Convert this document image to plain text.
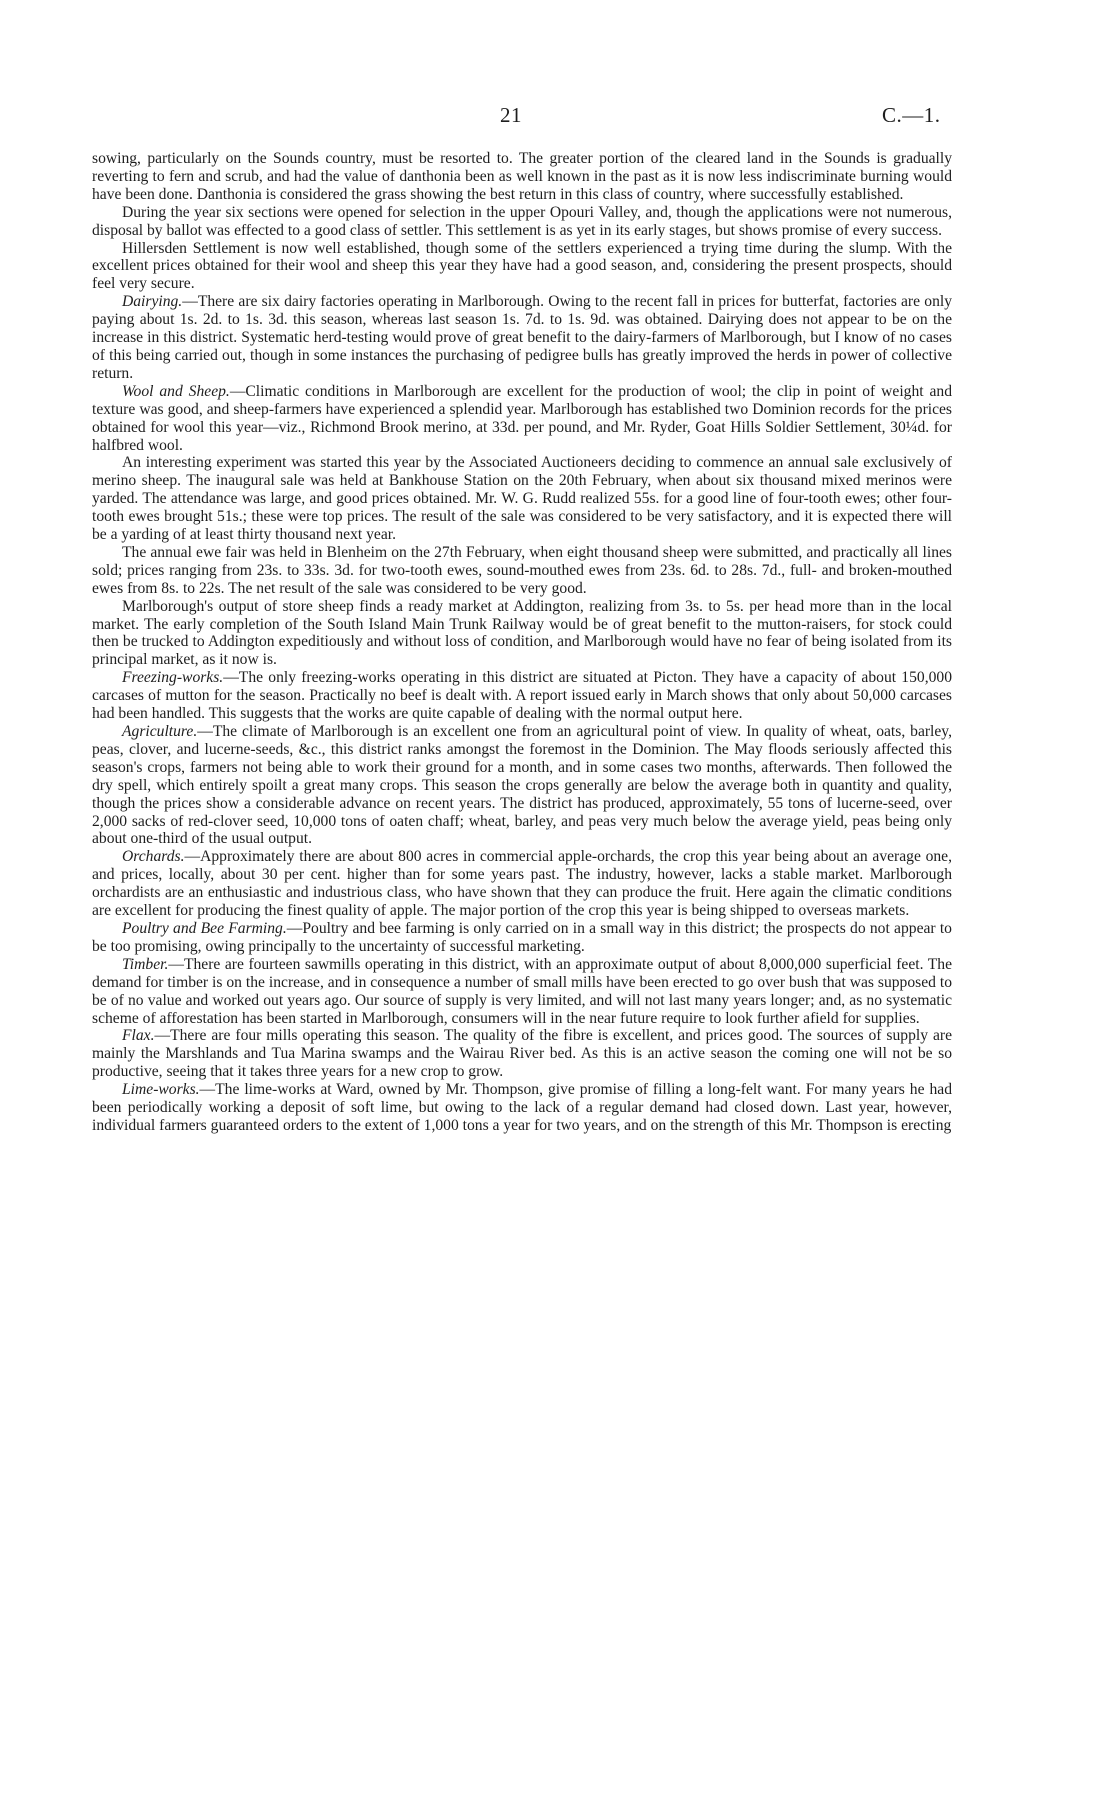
21	C.—1.

sowing, particularly on the Sounds country, must be resorted to. The greater portion of the cleared land in the Sounds is gradually reverting to fern and scrub, and had the value of danthonia been as well known in the past as it is now less indiscriminate burning would have been done. Danthonia is considered the grass showing the best return in this class of country, where successfully established.

During the year six sections were opened for selection in the upper Opouri Valley, and, though the applications were not numerous, disposal by ballot was effected to a good class of settler. This settlement is as yet in its early stages, but shows promise of every success.

Hillersden Settlement is now well established, though some of the settlers experienced a trying time during the slump. With the excellent prices obtained for their wool and sheep this year they have had a good season, and, considering the present prospects, should feel very secure.

Dairying.—There are six dairy factories operating in Marlborough. Owing to the recent fall in prices for butterfat, factories are only paying about 1s. 2d. to 1s. 3d. this season, whereas last season 1s. 7d. to 1s. 9d. was obtained. Dairying does not appear to be on the increase in this district. Systematic herd-testing would prove of great benefit to the dairy-farmers of Marlborough, but I know of no cases of this being carried out, though in some instances the purchasing of pedigree bulls has greatly improved the herds in power of collective return.

Wool and Sheep.—Climatic conditions in Marlborough are excellent for the production of wool; the clip in point of weight and texture was good, and sheep-farmers have experienced a splendid year. Marlborough has established two Dominion records for the prices obtained for wool this year—viz., Richmond Brook merino, at 33d. per pound, and Mr. Ryder, Goat Hills Soldier Settlement, 30¼d. for halfbred wool.

An interesting experiment was started this year by the Associated Auctioneers deciding to commence an annual sale exclusively of merino sheep. The inaugural sale was held at Bankhouse Station on the 20th February, when about six thousand mixed merinos were yarded. The attendance was large, and good prices obtained. Mr. W. G. Rudd realized 55s. for a good line of four-tooth ewes; other four-tooth ewes brought 51s.; these were top prices. The result of the sale was considered to be very satisfactory, and it is expected there will be a yarding of at least thirty thousand next year.

The annual ewe fair was held in Blenheim on the 27th February, when eight thousand sheep were submitted, and practically all lines sold; prices ranging from 23s. to 33s. 3d. for two-tooth ewes, sound-mouthed ewes from 23s. 6d. to 28s. 7d., full- and broken-mouthed ewes from 8s. to 22s. The net result of the sale was considered to be very good.

Marlborough's output of store sheep finds a ready market at Addington, realizing from 3s. to 5s. per head more than in the local market. The early completion of the South Island Main Trunk Railway would be of great benefit to the mutton-raisers, for stock could then be trucked to Addington expeditiously and without loss of condition, and Marlborough would have no fear of being isolated from its principal market, as it now is.

Freezing-works.—The only freezing-works operating in this district are situated at Picton. They have a capacity of about 150,000 carcases of mutton for the season. Practically no beef is dealt with. A report issued early in March shows that only about 50,000 carcases had been handled. This suggests that the works are quite capable of dealing with the normal output here.

Agriculture.—The climate of Marlborough is an excellent one from an agricultural point of view. In quality of wheat, oats, barley, peas, clover, and lucerne-seeds, &c., this district ranks amongst the foremost in the Dominion. The May floods seriously affected this season's crops, farmers not being able to work their ground for a month, and in some cases two months, afterwards. Then followed the dry spell, which entirely spoilt a great many crops. This season the crops generally are below the average both in quantity and quality, though the prices show a considerable advance on recent years. The district has produced, approximately, 55 tons of lucerne-seed, over 2,000 sacks of red-clover seed, 10,000 tons of oaten chaff; wheat, barley, and peas very much below the average yield, peas being only about one-third of the usual output.

Orchards.—Approximately there are about 800 acres in commercial apple-orchards, the crop this year being about an average one, and prices, locally, about 30 per cent. higher than for some years past. The industry, however, lacks a stable market. Marlborough orchardists are an enthusiastic and industrious class, who have shown that they can produce the fruit. Here again the climatic conditions are excellent for producing the finest quality of apple. The major portion of the crop this year is being shipped to overseas markets.

Poultry and Bee Farming.—Poultry and bee farming is only carried on in a small way in this district; the prospects do not appear to be too promising, owing principally to the uncertainty of successful marketing.

Timber.—There are fourteen sawmills operating in this district, with an approximate output of about 8,000,000 superficial feet. The demand for timber is on the increase, and in consequence a number of small mills have been erected to go over bush that was supposed to be of no value and worked out years ago. Our source of supply is very limited, and will not last many years longer; and, as no systematic scheme of afforestation has been started in Marlborough, consumers will in the near future require to look further afield for supplies.

Flax.—There are four mills operating this season. The quality of the fibre is excellent, and prices good. The sources of supply are mainly the Marshlands and Tua Marina swamps and the Wairau River bed. As this is an active season the coming one will not be so productive, seeing that it takes three years for a new crop to grow.

Lime-works.—The lime-works at Ward, owned by Mr. Thompson, give promise of filling a long-felt want. For many years he had been periodically working a deposit of soft lime, but owing to the lack of a regular demand had closed down. Last year, however, individual farmers guaranteed orders to the extent of 1,000 tons a year for two years, and on the strength of this Mr. Thompson is erecting
